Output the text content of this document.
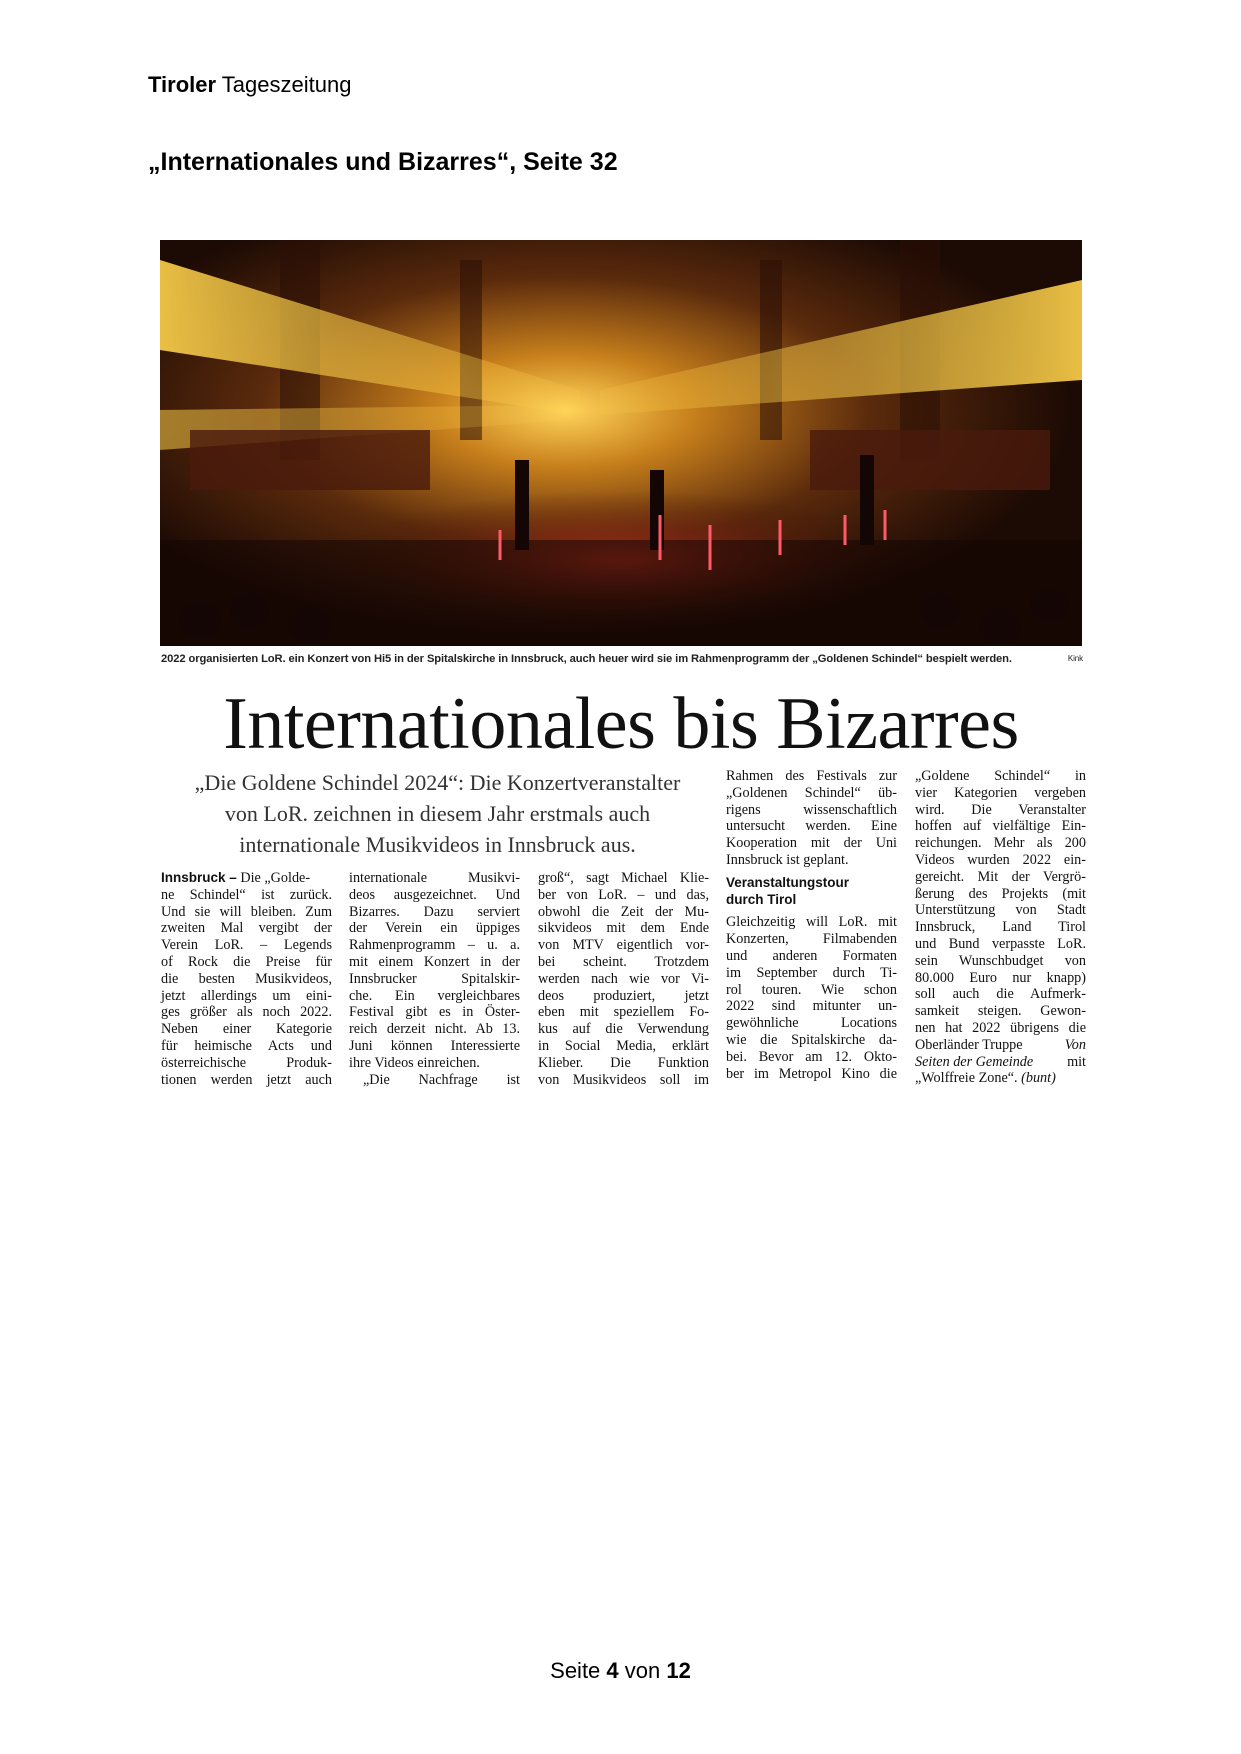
Tiroler Tageszeitung
„Internationales und Bizarres“, Seite 32
2022 organisierten LoR. ein Konzert von Hi5 in der Spitalskirche in Innsbruck, auch heuer wird sie im Rahmenprogramm der „Goldenen Schindel“ bespielt werden.	Kink
Internationales bis Bizarres
„Die Goldene Schindel 2024“: Die Konzertveranstalter
von LoR. zeichnen in diesem Jahr erstmals auch
internationale Musikvideos in Innsbruck aus.
Innsbruck – Die „Golde-
ne Schindel“ ist zurück.
Und sie will bleiben. Zum
zweiten Mal vergibt der
Verein LoR. – Legends
of Rock die Preise für
die besten Musikvideos,
jetzt allerdings um eini-
ges größer als noch 2022.
Neben einer Kategorie
für heimische Acts und
österreichische Produk-
tionen werden jetzt auch
internationale Musikvi-
deos ausgezeichnet. Und
Bizarres. Dazu serviert
der Verein ein üppiges
Rahmenprogramm – u. a.
mit einem Konzert in der
Innsbrucker Spitalskir-
che. Ein vergleichbares
Festival gibt es in Öster-
reich derzeit nicht. Ab 13.
Juni können Interessierte
ihre Videos einreichen.
„Die Nachfrage ist
groß“, sagt Michael Klie-
ber von LoR. – und das,
obwohl die Zeit der Mu-
sikvideos mit dem Ende
von MTV eigentlich vor-
bei scheint. Trotzdem
werden nach wie vor Vi-
deos produziert, jetzt
eben mit speziellem Fo-
kus auf die Verwendung
in Social Media, erklärt
Klieber. Die Funktion
von Musikvideos soll im
Rahmen des Festivals zur
„Goldenen Schindel“ üb-
rigens wissenschaftlich
untersucht werden. Eine
Kooperation mit der Uni
Innsbruck ist geplant.
Veranstaltungstour
durch Tirol
Gleichzeitig will LoR. mit
Konzerten, Filmabenden
und anderen Formaten
im September durch Ti-
rol touren. Wie schon
2022 sind mitunter un-
gewöhnliche Locations
wie die Spitalskirche da-
bei. Bevor am 12. Okto-
ber im Metropol Kino die
„Goldene Schindel“ in
vier Kategorien vergeben
wird. Die Veranstalter
hoffen auf vielfältige Ein-
reichungen. Mehr als 200
Videos wurden 2022 ein-
gereicht. Mit der Vergrö-
ßerung des Projekts (mit
Unterstützung von Stadt
Innsbruck, Land Tirol
und Bund verpasste LoR.
sein Wunschbudget von
80.000 Euro nur knapp)
soll auch die Aufmerk-
samkeit steigen. Gewon-
nen hat 2022 übrigens die
Oberländer Truppe	Von
Seiten der Gemeinde mit
„Wolffreie Zone“. (bunt)
Seite 4 von 12
